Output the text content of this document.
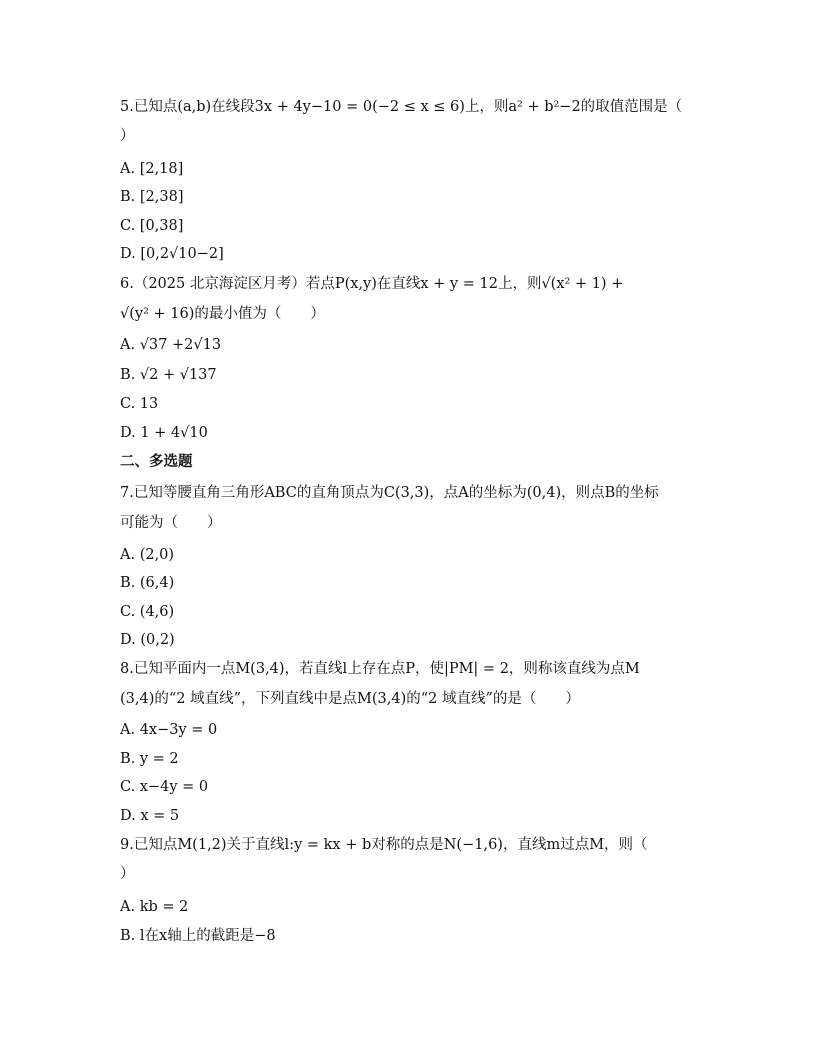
5.已知点(a,b)在线段3x + 4y−10 = 0(−2 ≤ x ≤ 6)上，则a² + b²−2的取值范围是（
）
A. [2,18]
B. [2,38]
C. [0,38]
D. [0,2√10−2]
6.（2025 北京海淀区月考）若点P(x,y)在直线x + y = 12上，则√(x² + 1) +
√(y² + 16)的最小值为（　　）
A. √37 +2√13
B. √2 + √137
C. 13
D. 1 + 4√10
二、多选题
7.已知等腰直角三角形ABC的直角顶点为C(3,3)，点A的坐标为(0,4)，则点B的坐标
可能为（　　）
A. (2,0)
B. (6,4)
C. (4,6)
D. (0,2)
8.已知平面内一点M(3,4)，若直线l上存在点P，使|PM| = 2，则称该直线为点M
(3,4)的“2 域直线”，下列直线中是点M(3,4)的“2 域直线”的是（　　）
A. 4x−3y = 0
B. y = 2
C. x−4y = 0
D. x = 5
9.已知点M(1,2)关于直线l:y = kx + b对称的点是N(−1,6)，直线m过点M，则（
）
A. kb = 2
B. l在x轴上的截距是−8
